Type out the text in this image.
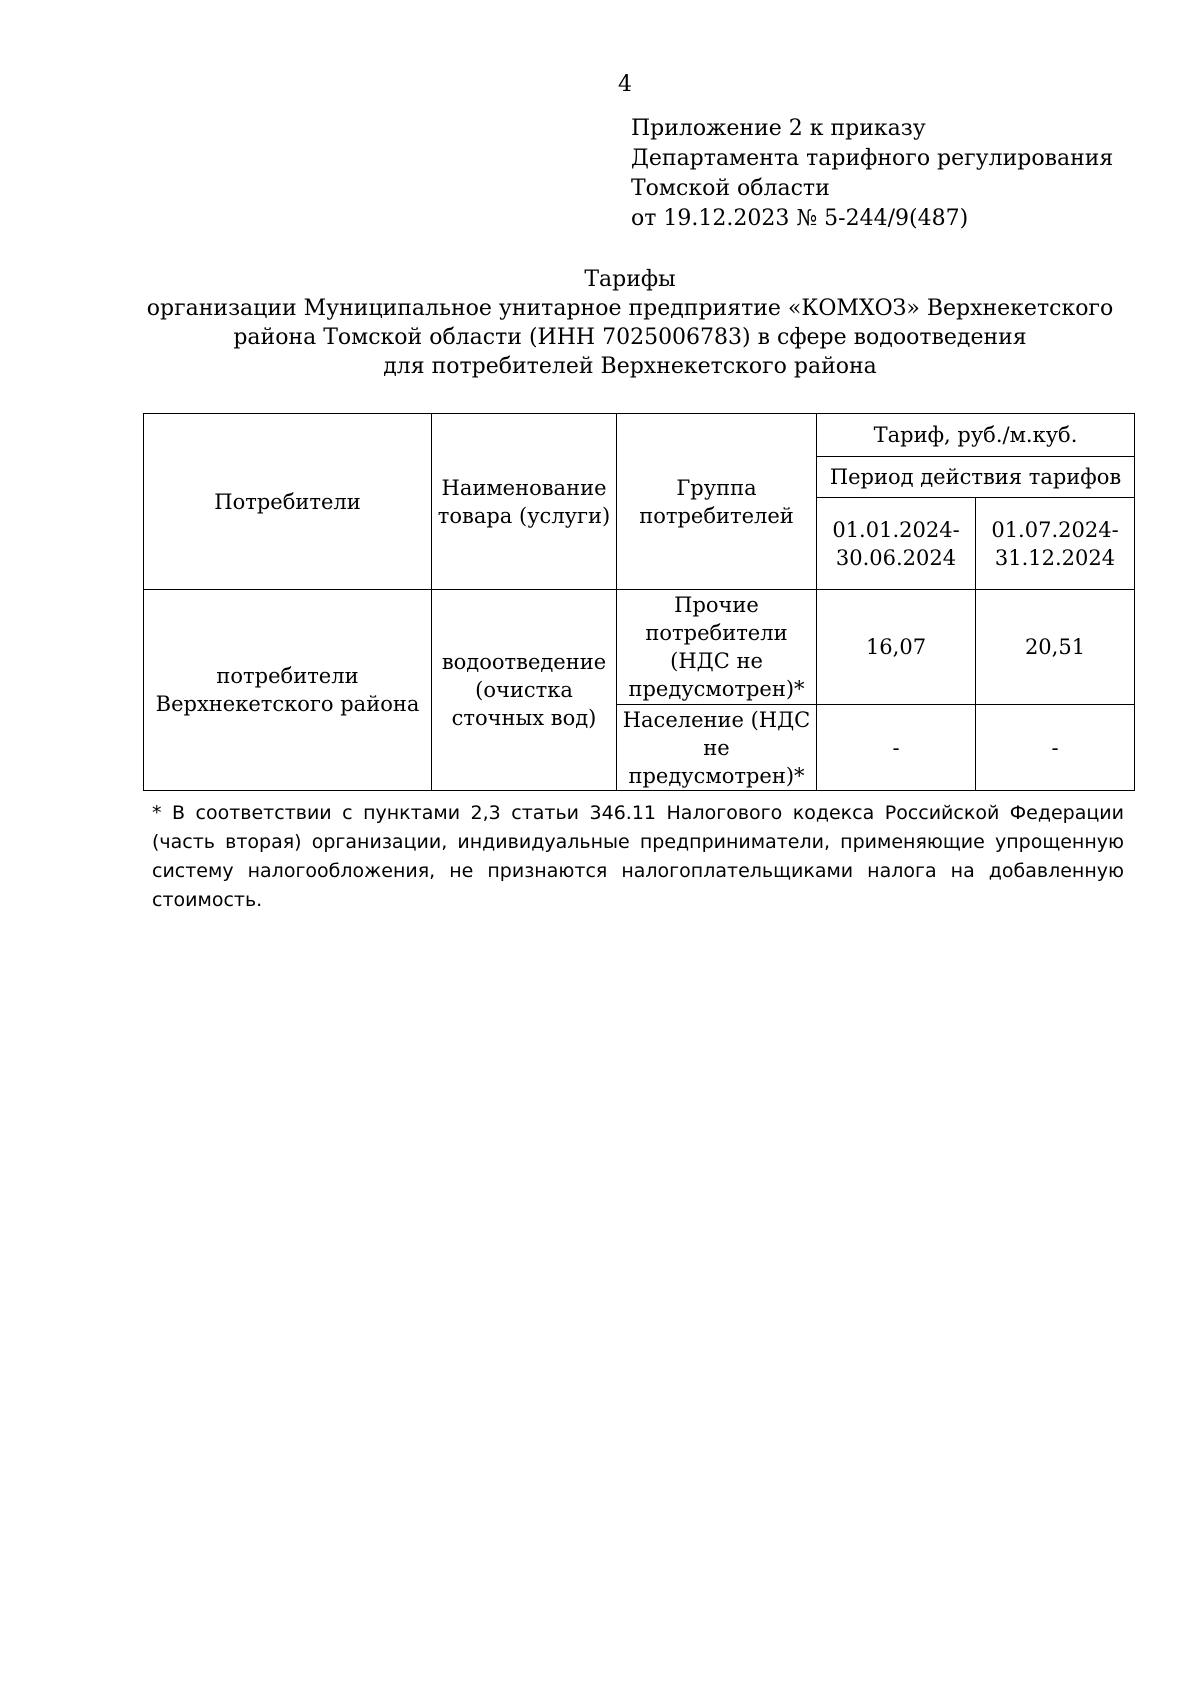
4
Приложение 2 к приказу
Департамента тарифного регулирования
Томской области
от 19.12.2023 № 5-244/9(487)
Тарифы
организации Муниципальное унитарное предприятие «КОМХОЗ» Верхнекетского
района Томской области (ИНН 7025006783) в сфере водоотведения
для потребителей Верхнекетского района
Потребители	Наименование товара (услуги)	Группа потребителей	Тариф, руб./м.куб.	
			Период действия тарифов	
			01.01.2024-30.06.2024	01.07.2024-31.12.2024
потребители Верхнекетского района	водоотведение (очистка сточных вод)	Прочие потребители (НДС не предусмотрен)*	16,07	20,51
		Население (НДС не предусмотрен)*	-	-
* В соответствии с пунктами 2,3 статьи 346.11 Налогового кодекса Российской Федерации (часть вторая) организации, индивидуальные предприниматели, применяющие упрощенную систему налогообложения, не признаются налогоплательщиками налога на добавленную стоимость.
